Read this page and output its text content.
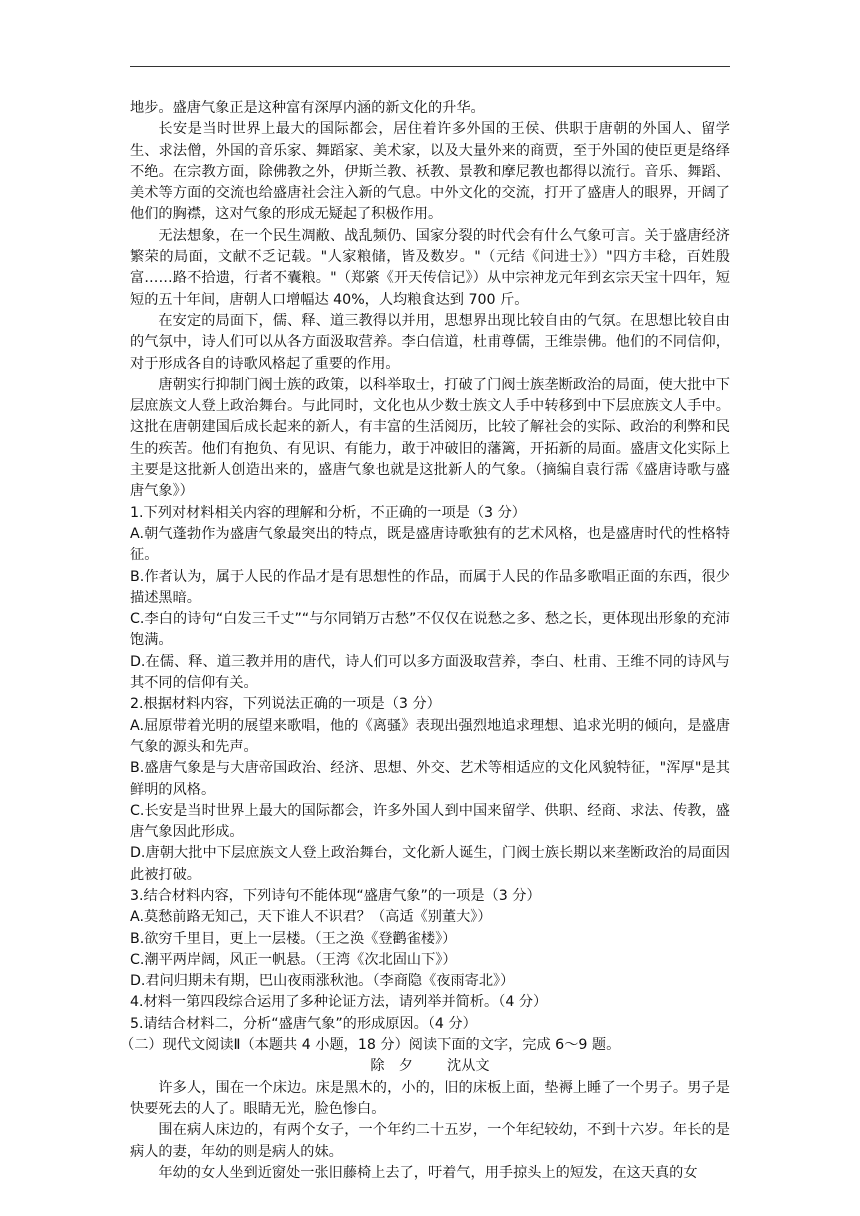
地步。盛唐气象正是这种富有深厚内涵的新文化的升华。

长安是当时世界上最大的国际都会，居住着许多外国的王侯、供职于唐朝的外国人、留学生、求法僧，外国的音乐家、舞蹈家、美术家，以及大量外来的商贾，至于外国的使臣更是络绎不绝。在宗教方面，除佛教之外，伊斯兰教、袄教、景教和摩尼教也都得以流行。音乐、舞蹈、美术等方面的交流也给盛唐社会注入新的气息。中外文化的交流，打开了盛唐人的眼界，开阔了他们的胸襟，这对气象的形成无疑起了积极作用。

无法想象，在一个民生凋敝、战乱频仍、国家分裂的时代会有什么气象可言。关于盛唐经济繁荣的局面，文献不乏记载。"人家粮储，皆及数岁。"（元结《问进士》）"四方丰稔，百姓殷富……路不拾遗，行者不囊粮。"（郑綮《开天传信记》）从中宗神龙元年到玄宗天宝十四年，短短的五十年间，唐朝人口增幅达 40%，人均粮食达到 700 斤。

在安定的局面下，儒、释、道三教得以并用，思想界出现比较自由的气氛。在思想比较自由的气氛中，诗人们可以从各方面汲取营养。李白信道，杜甫尊儒，王维崇佛。他们的不同信仰，对于形成各自的诗歌风格起了重要的作用。

唐朝实行抑制门阀士族的政策，以科举取士，打破了门阀士族垄断政治的局面，使大批中下层庶族文人登上政治舞台。与此同时，文化也从少数士族文人手中转移到中下层庶族文人手中。这批在唐朝建国后成长起来的新人，有丰富的生活阅历，比较了解社会的实际、政治的利弊和民生的疾苦。他们有抱负、有见识、有能力，敢于冲破旧的藩篱，开拓新的局面。盛唐文化实际上主要是这批新人创造出来的，盛唐气象也就是这批新人的气象。（摘编自袁行霈《盛唐诗歌与盛唐气象》）

1.下列对材料相关内容的理解和分析，不正确的一项是（3 分）

A.朝气蓬勃作为盛唐气象最突出的特点，既是盛唐诗歌独有的艺术风格，也是盛唐时代的性格特征。

B.作者认为，属于人民的作品才是有思想性的作品，而属于人民的作品多歌唱正面的东西，很少描述黑暗。

C.李白的诗句“白发三千丈”“与尔同销万古愁”不仅仅在说愁之多、愁之长，更体现出形象的充沛饱满。

D.在儒、释、道三教并用的唐代，诗人们可以多方面汲取营养，李白、杜甫、王维不同的诗风与其不同的信仰有关。

2.根据材料内容，下列说法正确的一项是（3 分）

A.屈原带着光明的展望来歌唱，他的《离骚》表现出强烈地追求理想、追求光明的倾向，是盛唐气象的源头和先声。

B.盛唐气象是与大唐帝国政治、经济、思想、外交、艺术等相适应的文化风貌特征，"浑厚"是其鲜明的风格。

C.长安是当时世界上最大的国际都会，许多外国人到中国来留学、供职、经商、求法、传教，盛唐气象因此形成。

D.唐朝大批中下层庶族文人登上政治舞台，文化新人诞生，门阀士族长期以来垄断政治的局面因此被打破。

3.结合材料内容，下列诗句不能体现“盛唐气象”的一项是（3 分）

A.莫愁前路无知己，天下谁人不识君？（高适《别董大》）

B.欲穷千里目，更上一层楼。（王之涣《登鹳雀楼》）

C.潮平两岸阔，风正一帆悬。（王湾《次北固山下》）

D.君问归期未有期，巴山夜雨涨秋池。（李商隐《夜雨寄北》）

4.材料一第四段综合运用了多种论证方法，请列举并简析。（4 分）

5.请结合材料二，分析“盛唐气象”的形成原因。（4 分）

（二）现代文阅读Ⅱ（本题共 4 小题，18 分）阅读下面的文字，完成 6～9 题。

除　夕 沈从文

许多人，围在一个床边。床是黑木的，小的，旧的床板上面，垫褥上睡了一个男子。男子是快要死去的人了。眼睛无光，脸色惨白。

围在病人床边的，有两个女子，一个年约二十五岁，一个年纪较幼，不到十六岁。年长的是病人的妻，年幼的则是病人的妹。

年幼的女人坐到近窗处一张旧藤椅上去了，吁着气，用手掠头上的短发，在这天真的女
